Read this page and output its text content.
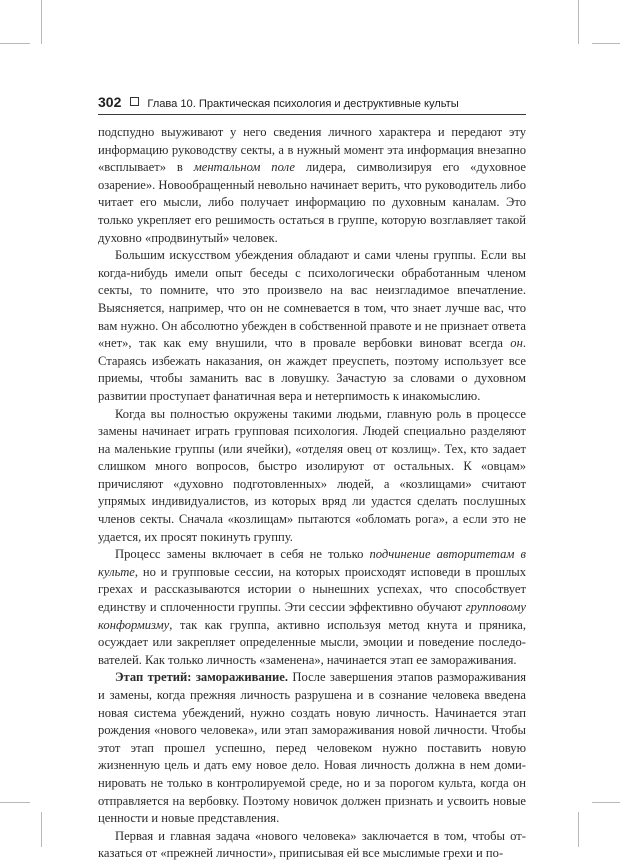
302 Глава 10. Практическая психология и деструктивные культы

подспудно выуживают у него сведения личного характера и передают эту информацию руководству секты, а в нужный момент эта информация внезапно «всплывает» в ментальном поле лидера, символизируя его «духовное озарение». Новообращенный невольно начинает верить, что руководитель либо читает его мысли, либо получает информацию по духовным каналам. Это только укрепляет его решимость остаться в группе, которую возглавляет такой духовно «продвинутый» человек.

Большим искусством убеждения обладают и сами члены группы. Если вы когда-нибудь имели опыт беседы с психологически обработанным членом секты, то помните, что это произвело на вас неизгладимое впечатление. Выясняется, например, что он не сомневается в том, что знает лучше вас, что вам нужно. Он абсолютно убежден в собственной правоте и не признает ответа «нет», так как ему внушили, что в провале вербовки виноват всегда он. Стараясь избежать наказания, он жаждет преуспеть, поэтому использует все приемы, чтобы заманить вас в ловушку. Зачастую за словами о духовном развитии проступает фанатичная вера и нетерпимость к инакомыслию.

Когда вы полностью окружены такими людьми, главную роль в процессе замены начинает играть групповая психология. Людей специально разделяют на маленькие группы (или ячейки), «отделяя овец от козлищ». Тех, кто задает слишком много вопросов, быстро изолируют от остальных. К «овцам» причисляют «духовно подготовленных» людей, а «козлищами» считают упрямых индивидуалистов, из которых вряд ли удастся сделать послушных членов секты. Сначала «козлищам» пытаются «обломать рога», а если это не удается, их просят покинуть группу.

Процесс замены включает в себя не только подчинение авторитетам в культе, но и групповые сессии, на которых происходят исповеди в прошлых грехах и рассказываются истории о нынешних успехах, что способствует единству и сплоченности группы. Эти сессии эффективно обучают групповому конформизму, так как группа, активно используя метод кнута и пряника, осуждает или закрепляет определенные мысли, эмоции и поведение последователей. Как только личность «заменена», начинается этап ее замораживания.

Этап третий: замораживание. После завершения этапов размораживания и замены, когда прежняя личность разрушена и в сознание человека введена новая система убеждений, нужно создать новую личность. Начинается этап рождения «нового человека», или этап замораживания новой личности. Чтобы этот этап прошел успешно, перед человеком нужно поставить новую жизненную цель и дать ему новое дело. Новая личность должна в нем доминировать не только в контролируемой среде, но и за порогом культа, когда он отправляется на вербовку. Поэтому новичок должен признать и усвоить новые ценности и новые представления.

Первая и главная задача «нового человека» заключается в том, чтобы отказаться от «прежней личности», приписывая ей все мыслимые грехи и по-
